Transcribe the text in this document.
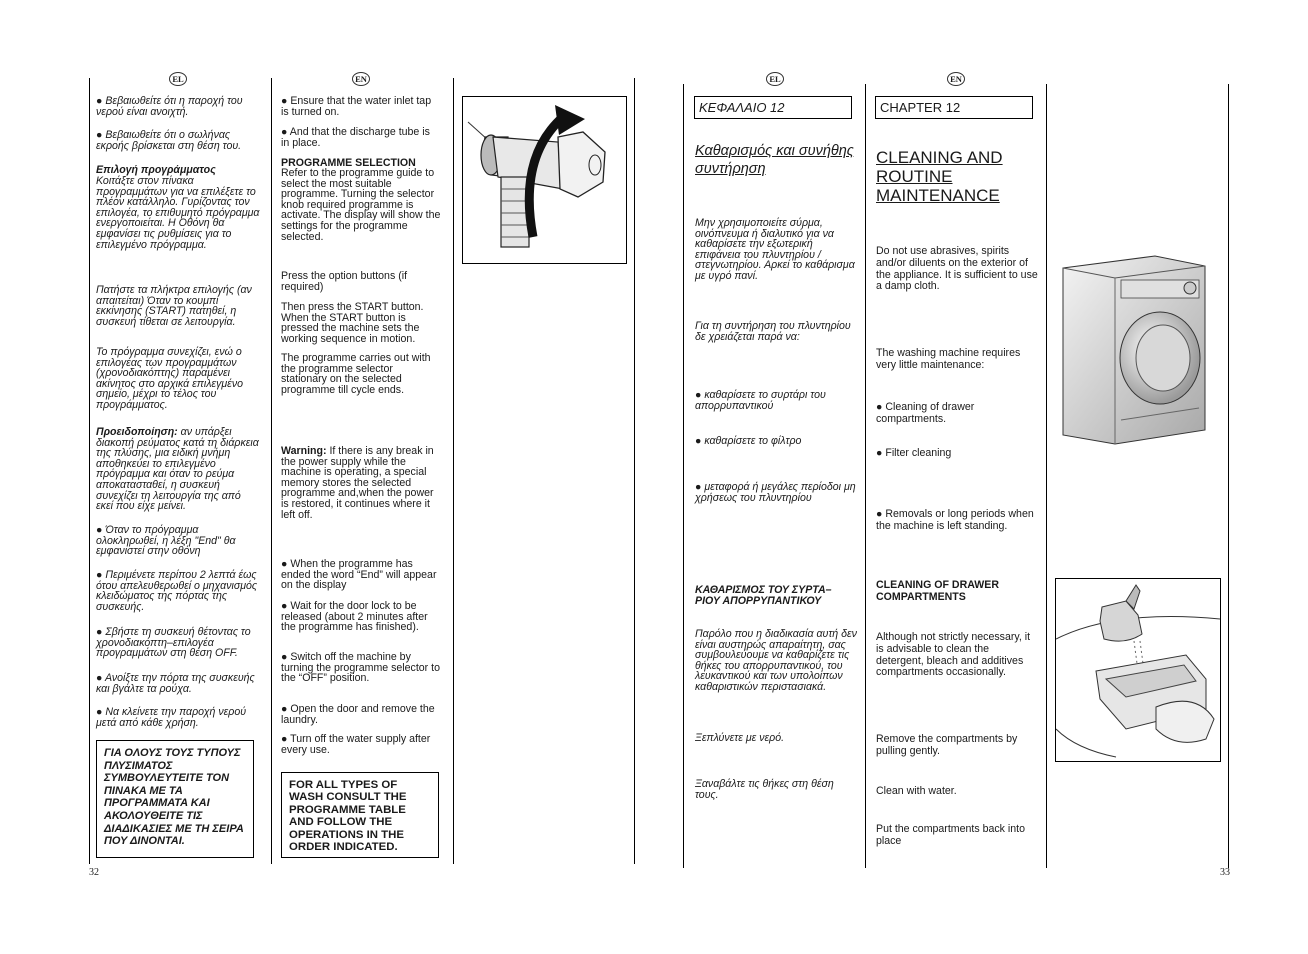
EL	EN
● Βεβαιωθείτε ότι η παροχή του νερού είναι ανοιχτή.
● Βεβαιωθείτε ότι ο σωλήνας εκροής βρίσκεται στη θέση του.
Επιλογή προγράμματος
Κοιτάξτε στον πίνακα προγραμμάτων για να επιλέξετε το πλέον κατάλληλο. Γυρίζοντας τον επιλογέα, το επιθυμητό πρόγραμμα ενεργοποιείται. Η Οθόνη θα εμφανίσει τις ρυθμίσεις για το επιλεγμένο πρόγραμμα.
Πατήστε τα πλήκτρα επιλογής (αν απαιτείται) Όταν το κουμπί εκκίνησης (START) πατηθεί, η συσκευή τίθεται σε λειτουργία.
Το πρόγραμμα συνεχίζει, ενώ ο επιλογέας των προγραμμάτων (χρονοδιακόπτης) παραμένει ακίνητος στο αρχικά επιλεγμένο σημείο, μέχρι το τέλος του προγράμματος.
Προειδοποίηση: αν υπάρξει διακοπή ρεύματος κατά τη διάρκεια της πλύσης, μια ειδική μνήμη αποθηκεύει το επιλεγμένο πρόγραμμα και όταν το ρεύμα αποκατασταθεί, η συσκευή συνεχίζει τη λειτουργία της από εκεί που είχε μείνει.
● Όταν το πρόγραμμα ολοκληρωθεί, η λέξη "End" θα εμφανιστεί στην οθόνη
● Περιμένετε περίπου 2 λεπτά έως ότου απελευθερωθεί ο μηχανισμός κλειδώματος της πόρτας της συσκευής.
● Σβήστε τη συσκευή θέτοντας το χρονοδιακόπτη–επιλογέα προγραμμάτων στη θέση OFF.
● Ανοίξτε την πόρτα της συσκευής και βγάλτε τα ρούχα.
● Να κλείνετε την παροχή νερού μετά από κάθε χρήση.
ΓΙΑ ΟΛΟΥΣ ΤΟΥΣ ΤΥΠΟΥΣ ΠΛΥΣΙΜΑΤΟΣ ΣΥΜΒΟΥΛΕΥΤΕΙΤΕ ΤΟΝ ΠΙΝΑΚΑ ΜΕ ΤΑ ΠΡΟΓΡΑΜΜΑΤΑ ΚΑΙ ΑΚΟΛΟΥΘΕΙΤΕ ΤΙΣ ΔΙΑΔΙΚΑΣΙΕΣ ΜΕ ΤΗ ΣΕΙΡΑ ΠΟΥ ΔΙΝΟΝΤΑΙ.
● Ensure that the water inlet tap is turned on.
● And that the discharge tube is in place.
PROGRAMME SELECTION
Refer to the programme guide to select the most suitable programme. Turning the selector knob required programme is activate. The display will show the settings for the programme selected.
Press the option buttons (if required)
Then press the START button. When the START button is pressed the machine sets the working sequence in motion.
The programme carries out with the programme selector stationary on the selected programme till cycle ends.
Warning: If there is any break in the power supply while the machine is operating, a special memory stores the selected programme and,when the power is restored, it continues where it left off.
● When the programme has ended the word “End” will appear on the display
● Wait for the door lock to be released (about 2 minutes after the programme has finished).
● Switch off the machine by turning the programme selector to the “OFF” position.
● Open the door and remove the laundry.
● Turn off the water supply after every use.
FOR ALL TYPES OF WASH CONSULT THE PROGRAMME TABLE AND FOLLOW THE OPERATIONS IN THE ORDER INDICATED.
32
EL	EN
ΚΕΦΑΛΑΙΟ 12
Καθαρισμός και συνήθης συντήρηση
Μην χρησιμοποιείτε σύρμα, οινόπνευμα ή διαλυτικό για να καθαρίσετε την εξωτερική επιφάνεια του πλυντηρίου / στεγνωτηρίου. Αρκεί το καθάρισμα με υγρό πανί.
Για τη συντήρηση του πλυντηρίου δε χρειάζεται παρά να:
● καθαρίσετε το συρτάρι του απορρυπαντικού
● καθαρίσετε το φίλτρο
● μεταφορά ή μεγάλες περίοδοι μη χρήσεως του πλυντηρίου
ΚΑΘΑΡΙΣΜΟΣ ΤΟΥ ΣΥΡΤΑ–ΡΙΟΥ ΑΠΟΡΡΥΠΑΝΤΙΚΟΥ
Παρόλο που η διαδικασία αυτή δεν είναι αυστηρώς απαραίτητη, σας συμβουλεύουμε να καθαρίζετε τις θήκες του απορρυπαντικού, του λευκαντικού και των υπολοίπων καθαριστικών περιστασιακά.
Ξεπλύνετε με νερό.
Ξαναβάλτε τις θήκες στη θέση τους.
CHAPTER 12
CLEANING AND ROUTINE MAINTENANCE
Do not use abrasives, spirits and/or diluents on the exterior of the appliance. It is sufficient to use a damp cloth.
The washing machine requires very little maintenance:
● Cleaning of drawer compartments.
● Filter cleaning
● Removals or long periods when the machine is left standing.
CLEANING OF DRAWER COMPARTMENTS
Although not strictly necessary, it is advisable to clean the detergent, bleach and additives compartments occasionally.
Remove the compartments by pulling gently.
Clean with water.
Put the compartments back into place
33
